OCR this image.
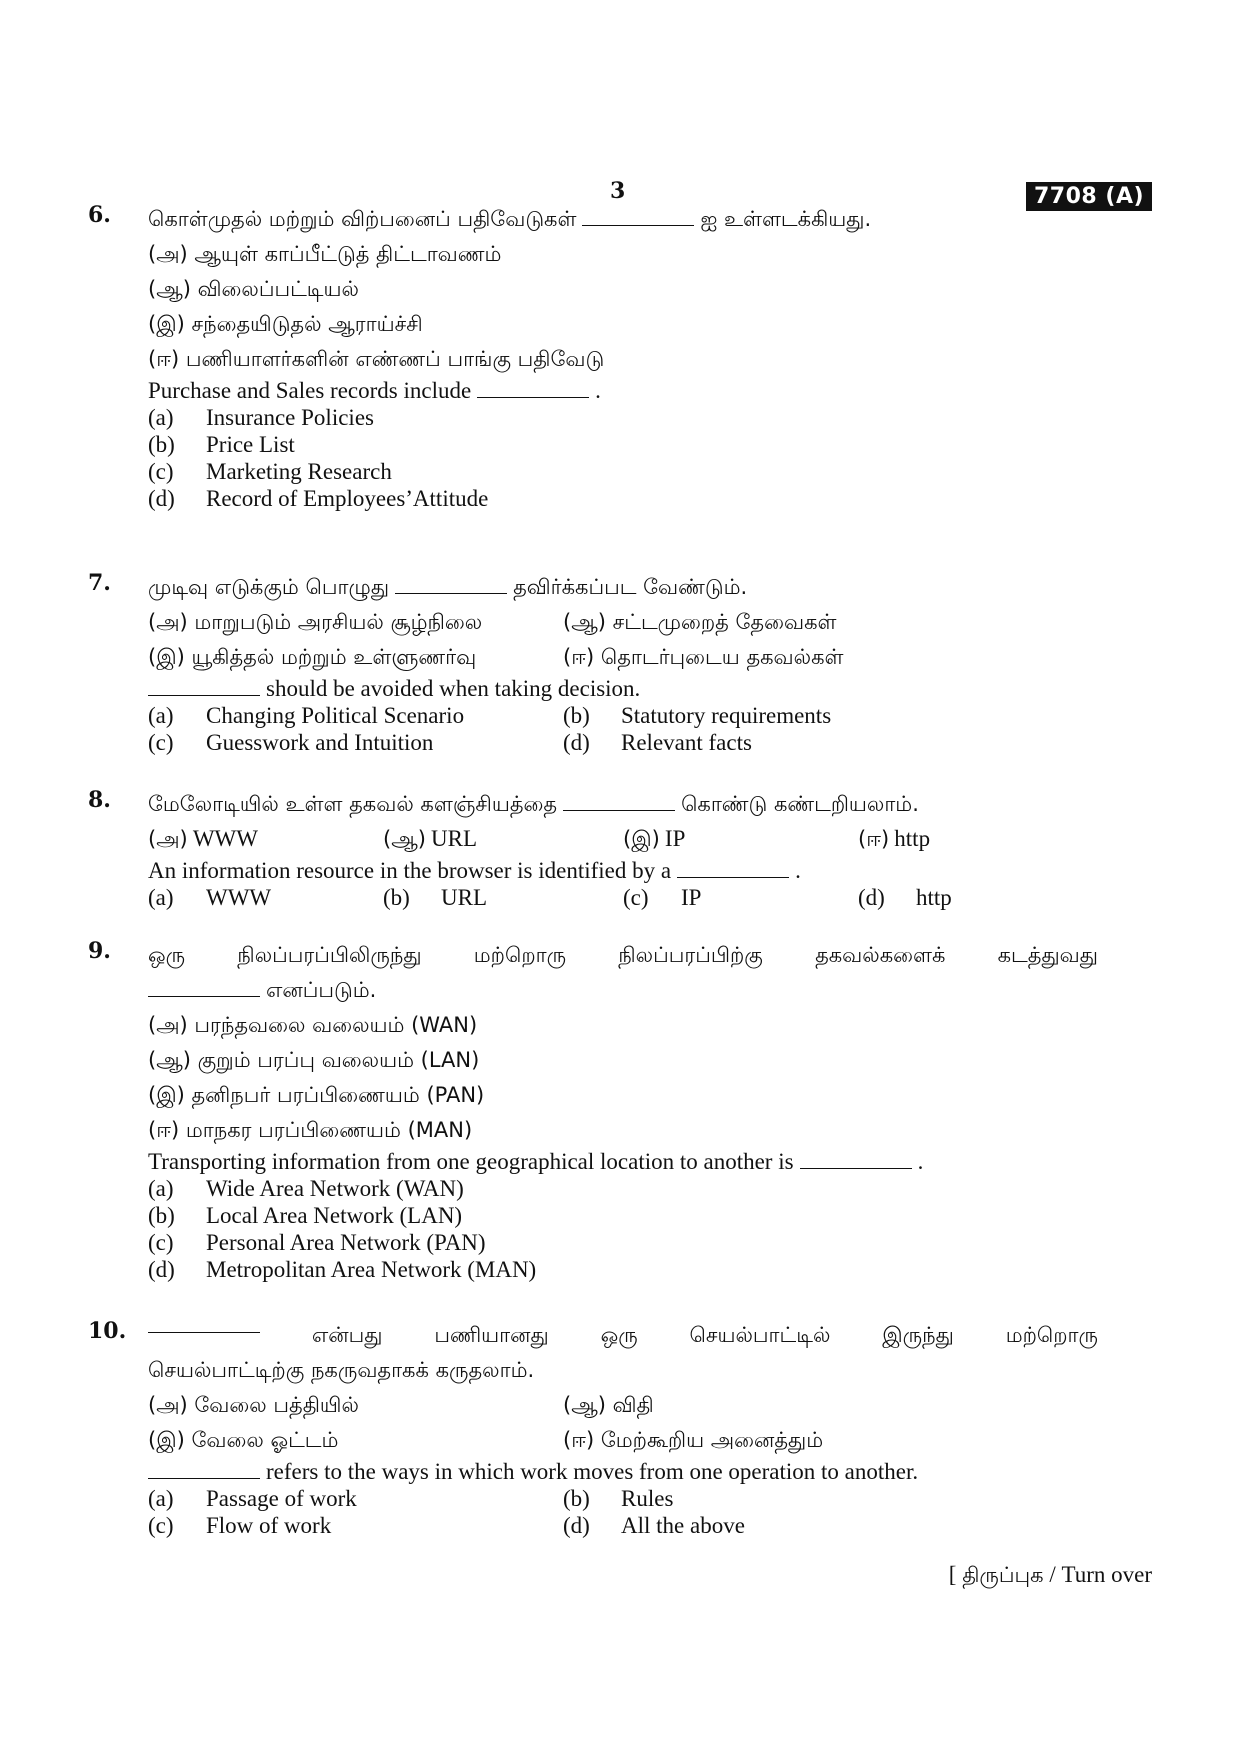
3	7708 (A)
6. கொள்முதல் மற்றும் விற்பனைப் பதிவேடுகள்	ஐ உள்ளடக்கியது.
(அ) ஆயுள் காப்பீட்டுத் திட்டாவணம்
(ஆ) விலைப்பட்டியல்
(இ) சந்தையிடுதல் ஆராய்ச்சி
(ஈ) பணியாளர்களின் எண்ணப் பாங்கு பதிவேடு
Purchase and Sales records include	.
(a) Insurance Policies
(b) Price List
(c) Marketing Research
(d) Record of Employees’Attitude
7. முடிவு எடுக்கும் பொழுது	தவிர்க்கப்பட வேண்டும்.
(அ) மாறுபடும் அரசியல் சூழ்நிலை	(ஆ) சட்டமுறைத் தேவைகள்
(இ) யூகித்தல் மற்றும் உள்ளுணர்வு	(ஈ) தொடர்புடைய தகவல்கள்
should be avoided when taking decision.
(a) Changing Political Scenario	(b) Statutory requirements
(c) Guesswork and Intuition	(d) Relevant facts
8. மேலோடியில் உள்ள தகவல் களஞ்சியத்தை	கொண்டு கண்டறியலாம்.
(அ) WWW	(ஆ) URL	(இ) IP	(ஈ) http
An information resource in the browser is identified by a	.
(a) WWW	(b) URL	(c) IP	(d) http
9. ஒரு நிலப்பரப்பிலிருந்து மற்றொரு நிலப்பரப்பிற்கு தகவல்களைக் கடத்துவது
எனப்படும்.
(அ) பரந்தவலை வலையம் (WAN)
(ஆ) குறும் பரப்பு வலையம் (LAN)
(இ) தனிநபர் பரப்பிணையம் (PAN)
(ஈ) மாநகர பரப்பிணையம் (MAN)
Transporting information from one geographical location to another is	.
(a) Wide Area Network (WAN)
(b) Local Area Network (LAN)
(c) Personal Area Network (PAN)
(d) Metropolitan Area Network (MAN)
10.	என்பது பணியானது ஒரு செயல்பாட்டில் இருந்து மற்றொரு
செயல்பாட்டிற்கு நகருவதாகக் கருதலாம்.
(அ) வேலை பத்தியில்	(ஆ) விதி
(இ) வேலை ஓட்டம்	(ஈ) மேற்கூறிய அனைத்தும்
refers to the ways in which work moves from one operation to another.
(a) Passage of work	(b) Rules
(c) Flow of work	(d) All the above
[ திருப்புக / Turn over
